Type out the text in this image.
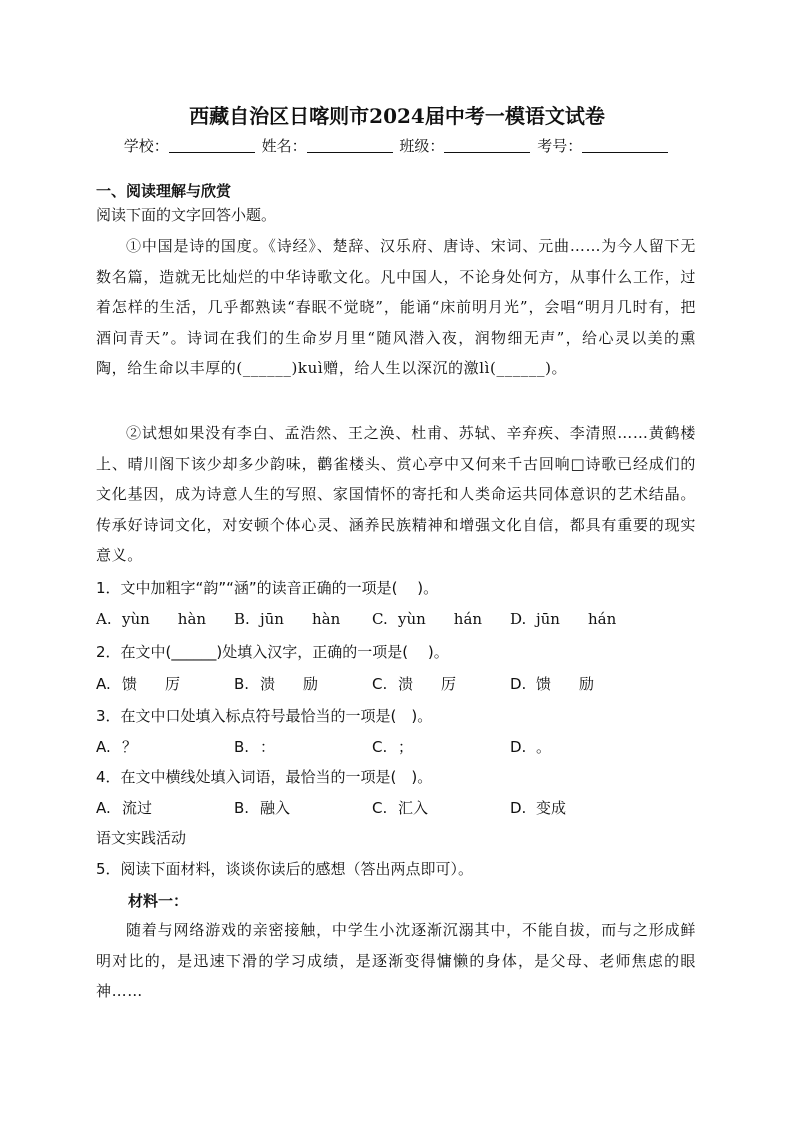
西藏自治区日喀则市2024届中考一模语文试卷
学校：	姓名：	班级：	考号：
一、阅读理解与欣赏
阅读下面的文字回答小题。
①中国是诗的国度。《诗经》、楚辞、汉乐府、唐诗、宋词、元曲……为今人留下无数名篇，造就无比灿烂的中华诗歌文化。凡中国人，不论身处何方，从事什么工作，过着怎样的生活，几乎都熟读“春眠不觉晓”，能诵“床前明月光”，会唱“明月几时有，把酒问青天”。诗词在我们的生命岁月里“随风潜入夜，润物细无声”，给心灵以美的熏陶，给生命以丰厚的(______)kuì赠，给人生以深沉的激lì(______)。
②试想如果没有李白、孟浩然、王之涣、杜甫、苏轼、辛弃疾、李清照……黄鹤楼上、晴川阁下该少却多少韵味，鹳雀楼头、赏心亭中又何来千古回响□诗歌已经成们的文化基因，成为诗意人生的写照、家国情怀的寄托和人类命运共同体意识的艺术结晶。传承好诗词文化，对安顿个体心灵、涵养民族精神和增强文化自信，都具有重要的现实意义。
1．文中加粗字“韵”“涵”的读音正确的一项是(　 )。
A. yùn hàn B. jūn hàn C. yùn hán D. jūn hán
2．在文中(______)处填入汉字，正确的一项是(　 )。
A. 馈 厉	B. 溃 励	C. 溃 厉	D. 馈 励
3．在文中口处填入标点符号最恰当的一项是(　)。
A. ？	B. ：	C. ；	D. 。
4．在文中横线处填入词语，最恰当的一项是(　)。
A. 流过	B. 融入	C. 汇入	D. 变成
语文实践活动
5．阅读下面材料，谈谈你读后的感想（答出两点即可）。
材料一：
随着与网络游戏的亲密接触，中学生小沈逐渐沉溺其中，不能自拔，而与之形成鲜明对比的，是迅速下滑的学习成绩，是逐渐变得慵懒的身体，是父母、老师焦虑的眼神……
